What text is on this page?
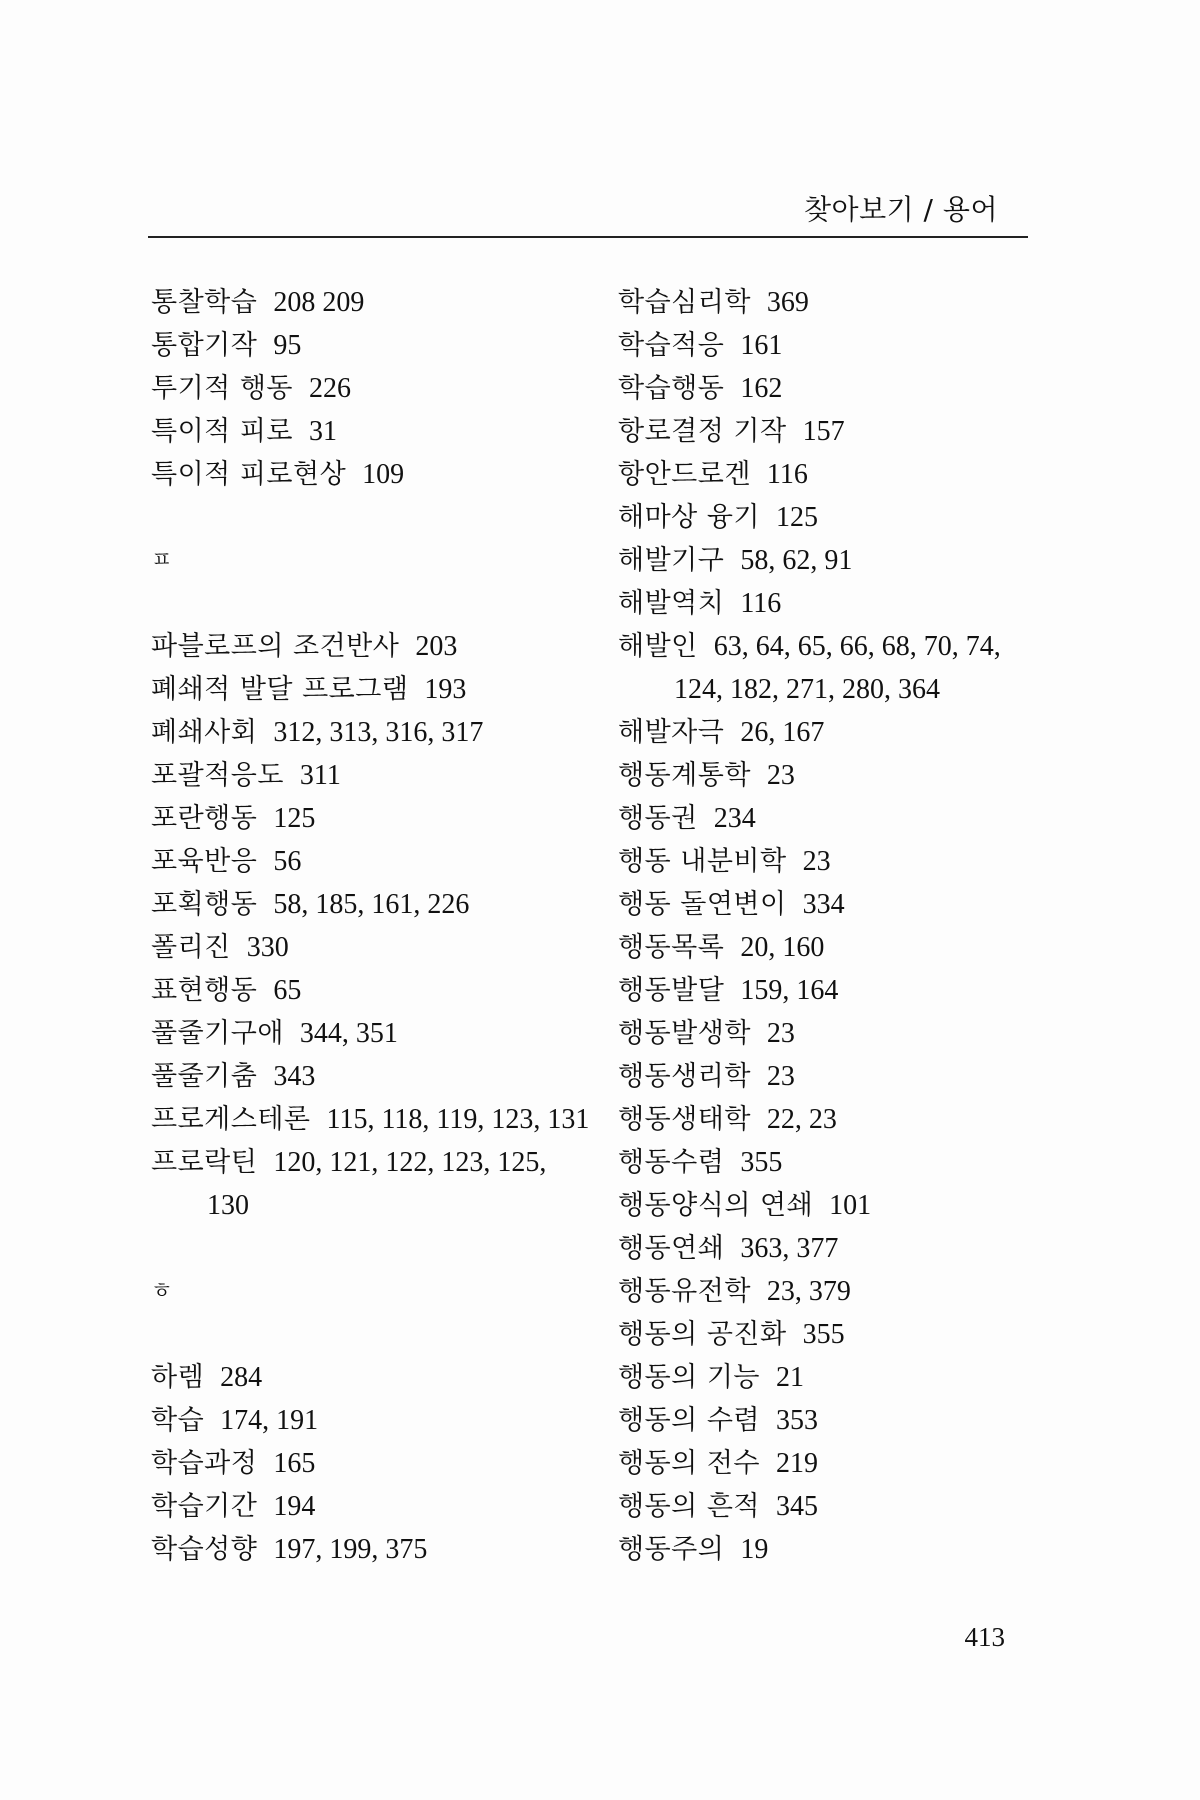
찾아보기 / 용어
통찰학습 208 209
통합기작 95
투기적 행동 226
특이적 피로 31
특이적 피로현상 109
ㅍ
파블로프의 조건반사 203
폐쇄적 발달 프로그램 193
폐쇄사회 312, 313, 316, 317
포괄적응도 311
포란행동 125
포육반응 56
포획행동 58, 185, 161, 226
폴리진 330
표현행동 65
풀줄기구애 344, 351
풀줄기춤 343
프로게스테론 115, 118, 119, 123, 131
프로락틴 120, 121, 122, 123, 125,
130
ㅎ
하렘 284
학습 174, 191
학습과정 165
학습기간 194
학습성향 197, 199, 375
학습심리학 369
학습적응 161
학습행동 162
항로결정 기작 157
항안드로겐 116
해마상 융기 125
해발기구 58, 62, 91
해발역치 116
해발인 63, 64, 65, 66, 68, 70, 74,
124, 182, 271, 280, 364
해발자극 26, 167
행동계통학 23
행동권 234
행동 내분비학 23
행동 돌연변이 334
행동목록 20, 160
행동발달 159, 164
행동발생학 23
행동생리학 23
행동생태학 22, 23
행동수렴 355
행동양식의 연쇄 101
행동연쇄 363, 377
행동유전학 23, 379
행동의 공진화 355
행동의 기능 21
행동의 수렴 353
행동의 전수 219
행동의 흔적 345
행동주의 19
413
